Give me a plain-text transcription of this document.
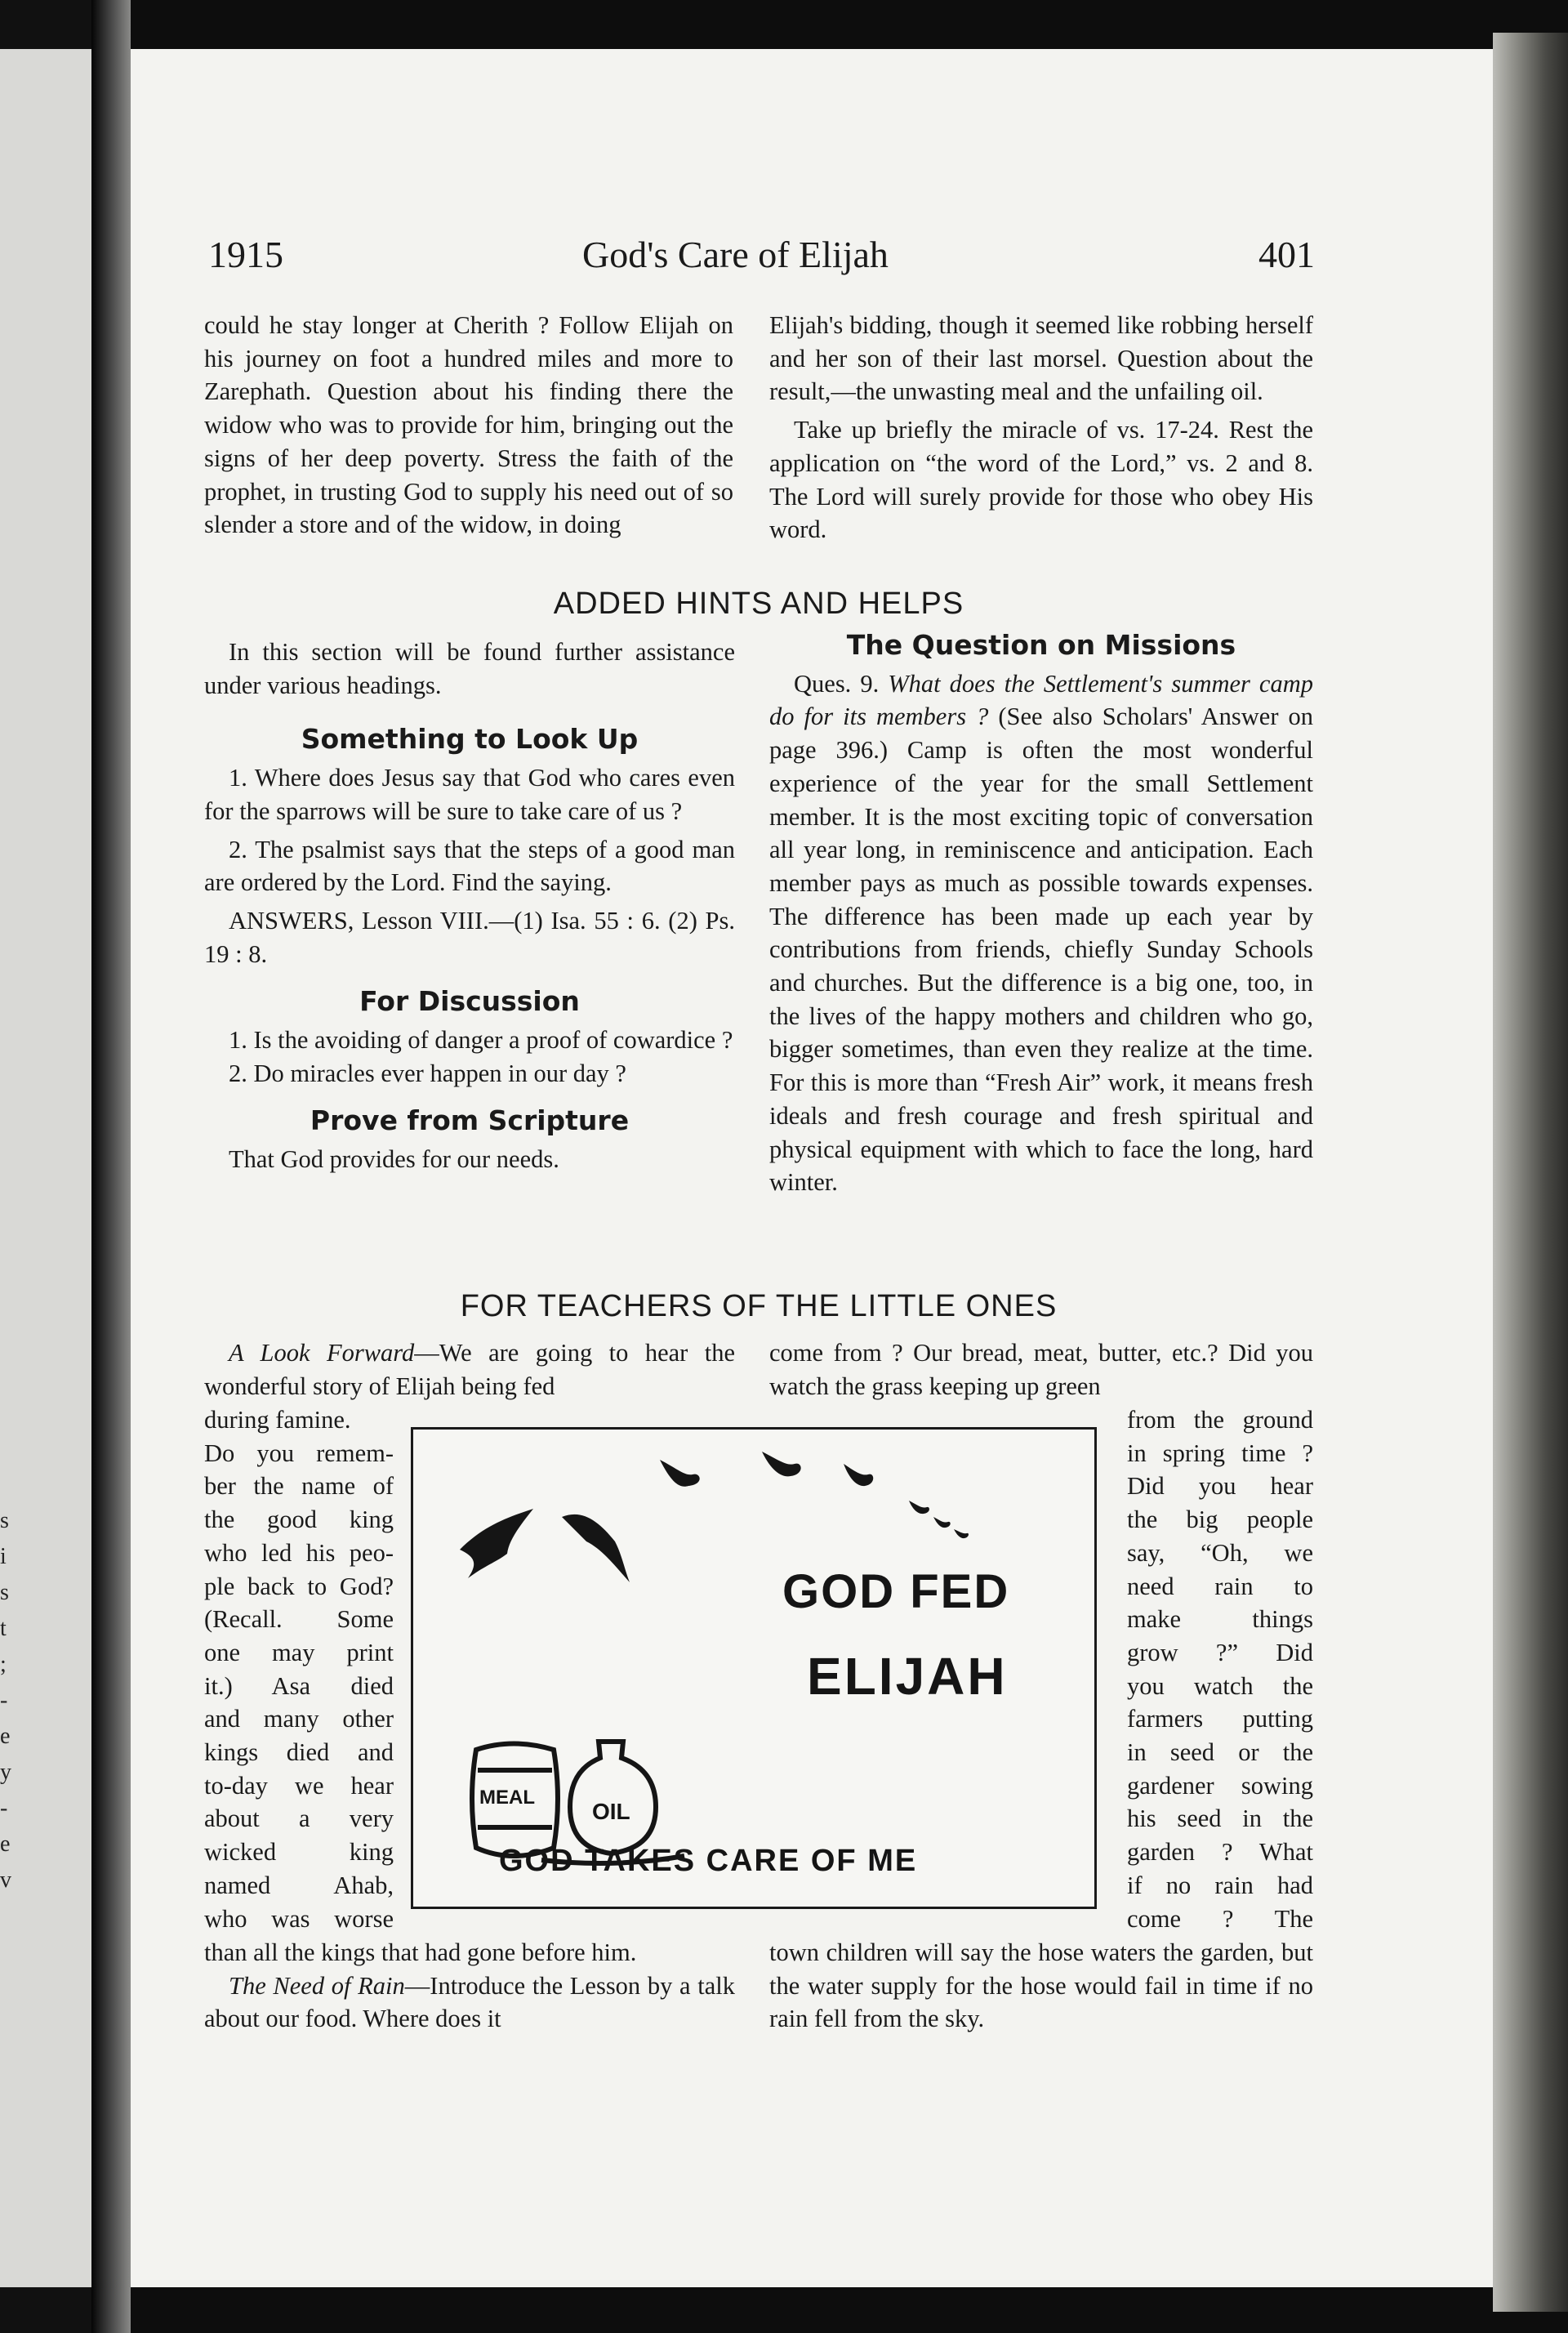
s
i
s
t
;
-
e
y
-
e
v
1915	God's Care of Elijah	401

could he stay longer at Cherith ? Follow Elijah on his journey on foot a hundred miles and more to Zarephath. Question about his finding there the widow who was to provide for him, bringing out the signs of her deep poverty. Stress the faith of the prophet, in trusting God to supply his need out of so slender a store and of the widow, in doing

Elijah's bidding, though it seemed like robbing herself and her son of their last morsel. Question about the result,—the unwasting meal and the unfailing oil.

Take up briefly the miracle of vs. 17-24. Rest the application on “the word of the Lord,” vs. 2 and 8. The Lord will surely provide for those who obey His word.

ADDED HINTS AND HELPS

In this section will be found further assistance under various headings.

Something to Look Up

1. Where does Jesus say that God who cares even for the sparrows will be sure to take care of us ?

2. The psalmist says that the steps of a good man are ordered by the Lord. Find the saying.

ANSWERS, Lesson VIII.—(1) Isa. 55 : 6. (2) Ps. 19 : 8.

For Discussion

1. Is the avoiding of danger a proof of cowardice ?

2. Do miracles ever happen in our day ?

Prove from Scripture

That God provides for our needs.

The Question on Missions

Ques. 9. What does the Settlement's summer camp do for its members ? (See also Scholars' Answer on page 396.) Camp is often the most wonderful experience of the year for the small Settlement member. It is the most exciting topic of conversation all year long, in reminiscence and anticipation. Each member pays as much as possible towards expenses. The difference has been made up each year by contributions from friends, chiefly Sunday Schools and churches. But the difference is a big one, too, in the lives of the happy mothers and children who go, bigger sometimes, than even they realize at the time. For this is more than “Fresh Air” work, it means fresh ideals and fresh courage and fresh spiritual and physical equipment with which to face the long, hard winter.

FOR TEACHERS OF THE LITTLE ONES

A Look Forward—We are going to hear the wonderful story of Elijah being fed

during famine.
Do you remem-
ber the name of
the good king
who led his peo-
ple back to God?
(Recall. Some
one may print
it.) Asa died
and many other
kings died and
to-day we hear
about a very
wicked king
named Ahab,
who was worse

than all the kings that had gone before him.

The Need of Rain—Introduce the Lesson by a talk about our food. Where does it

come from ? Our bread, meat, butter, etc.? Did you watch the grass keeping up green

from the ground
in spring time ?
Did you hear
the big people
say, “Oh, we
need rain to
make things
grow ?” Did
you watch the
farmers putting
in seed or the
gardener sowing
his seed in the
garden ? What
if no rain had
come ? The

town children will say the hose waters the garden, but the water supply for the hose would fail in time if no rain fell from the sky.

GOD FED
ELIJAH
MEAL
OIL
GOD TAKES CARE OF ME
